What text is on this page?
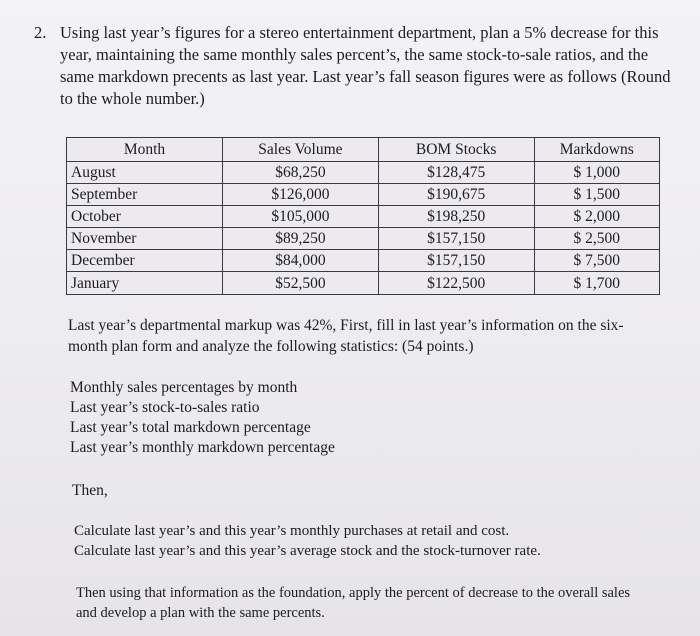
2. Using last year’s figures for a stereo entertainment department, plan a 5% decrease for this year, maintaining the same monthly sales percent’s, the same stock-to-sale ratios, and the same markdown precents as last year. Last year’s fall season figures were as follows (Round to the whole number.)
Month	Sales Volume	BOM Stocks	Markdowns
August	$68,250	$128,475	$ 1,000
September	$126,000	$190,675	$ 1,500
October	$105,000	$198,250	$ 2,000
November	$89,250	$157,150	$ 2,500
December	$84,000	$157,150	$ 7,500
January	$52,500	$122,500	$ 1,700
Last year’s departmental markup was 42%, First, fill in last year’s information on the six-month plan form and analyze the following statistics: (54 points.)
Monthly sales percentages by month
Last year’s stock-to-sales ratio
Last year’s total markdown percentage
Last year’s monthly markdown percentage
Then,
Calculate last year’s and this year’s monthly purchases at retail and cost.
Calculate last year’s and this year’s average stock and the stock-turnover rate.
Then using that information as the foundation, apply the percent of decrease to the overall sales and develop a plan with the same percents.
